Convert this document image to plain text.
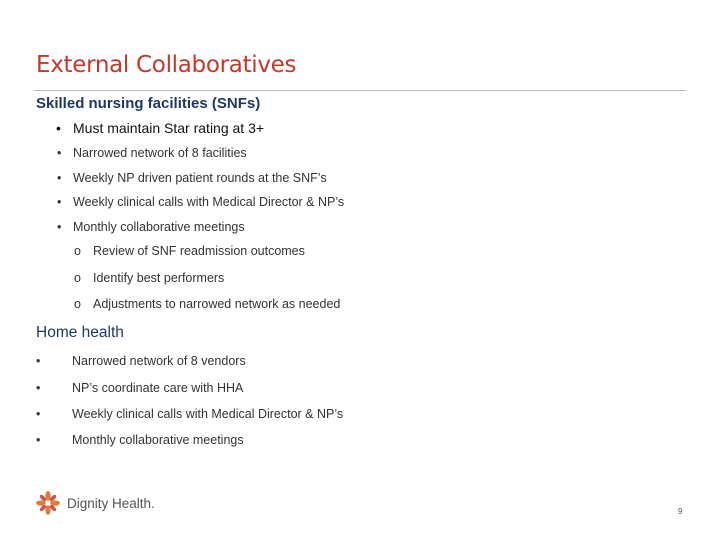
External Collaboratives
Skilled nursing facilities (SNFs)
• Must maintain Star rating at 3+
• Narrowed network of 8 facilities
• Weekly NP driven patient rounds at the SNF’s
• Weekly clinical calls with Medical Director & NP’s
• Monthly collaborative meetings
o Review of SNF readmission outcomes
o Identify best performers
o Adjustments to narrowed network as needed
Home health
•	Narrowed network of 8 vendors
•	NP’s coordinate care with HHA
•	Weekly clinical calls with Medical Director & NP’s
•	Monthly collaborative meetings
Dignity Health.
9
